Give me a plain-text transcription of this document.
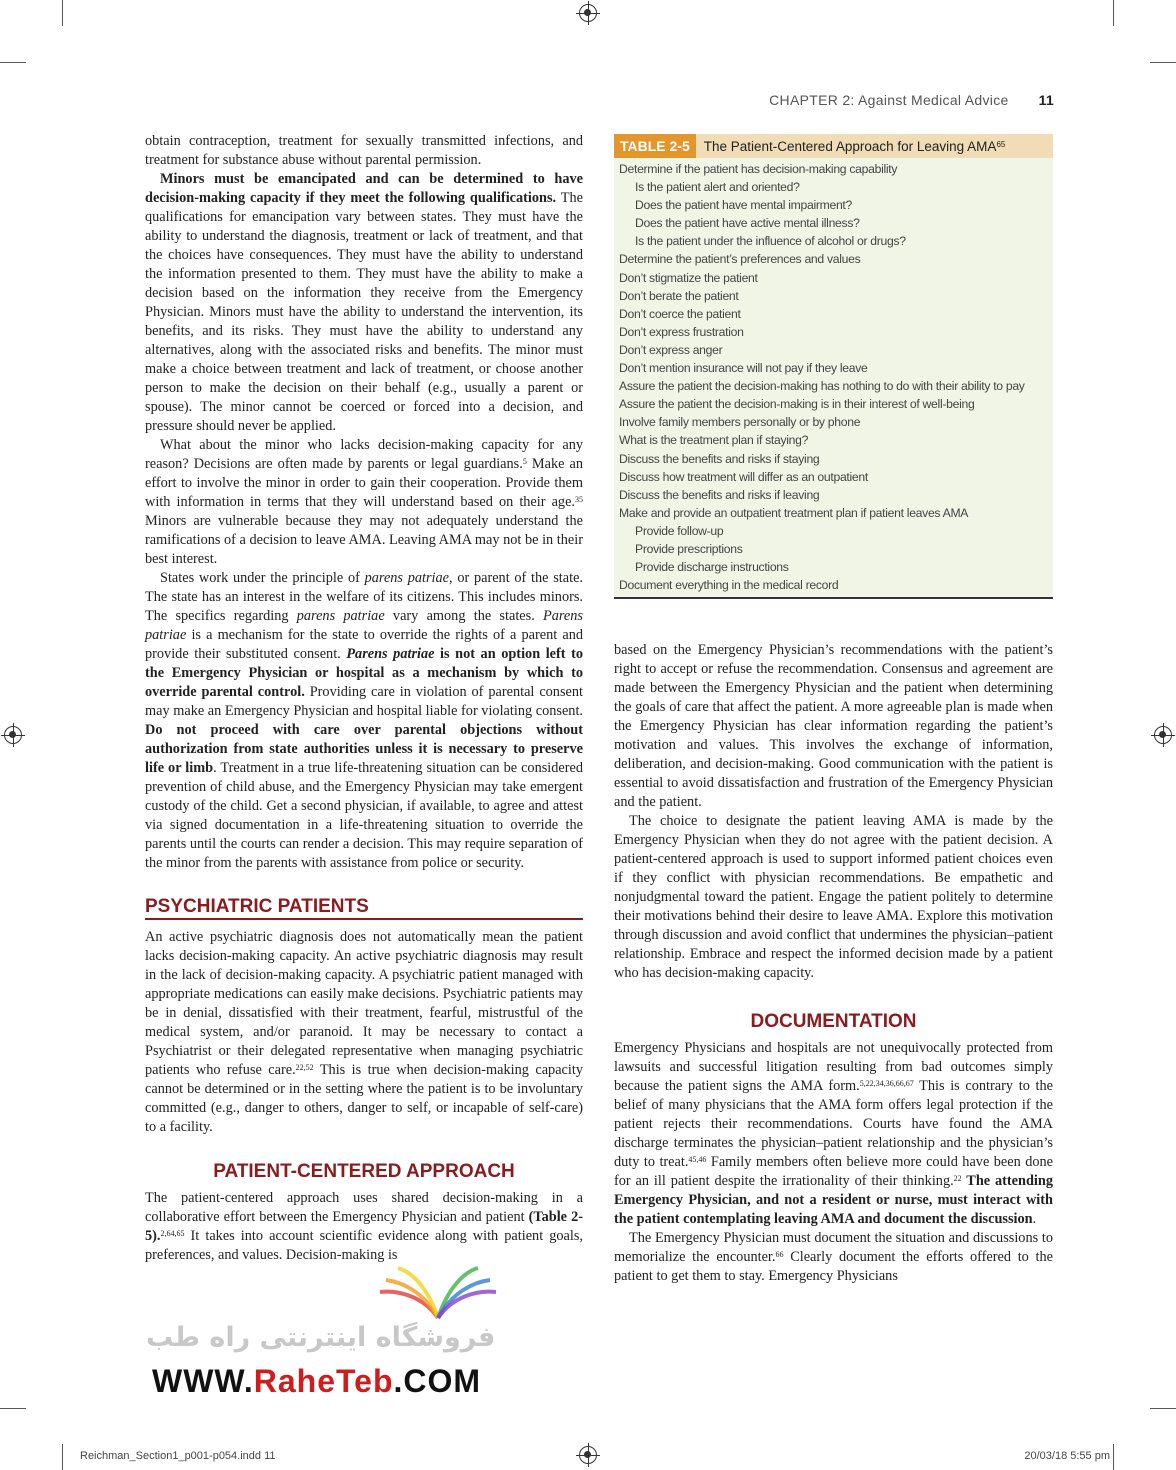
CHAPTER 2: Against Medical Advice 11

obtain contraception, treatment for sexually transmitted infections, and treatment for substance abuse without parental permission.

Minors must be emancipated and can be determined to have decision-making capacity if they meet the following qualifications. The qualifications for emancipation vary between states. They must have the ability to understand the diagnosis, treatment or lack of treatment, and that the choices have consequences. They must have the ability to understand the information presented to them. They must have the ability to make a decision based on the information they receive from the Emergency Physician. Minors must have the ability to understand the intervention, its benefits, and its risks. They must have the ability to understand any alternatives, along with the associated risks and benefits. The minor must make a choice between treatment and lack of treatment, or choose another person to make the decision on their behalf (e.g., usually a parent or spouse). The minor cannot be coerced or forced into a decision, and pressure should never be applied.

What about the minor who lacks decision-making capacity for any reason? Decisions are often made by parents or legal guardians.$^5$ Make an effort to involve the minor in order to gain their cooperation. Provide them with information in terms that they will understand based on their age.$^{35}$ Minors are vulnerable because they may not adequately understand the ramifications of a decision to leave AMA. Leaving AMA may not be in their best interest.

States work under the principle of parens patriae, or parent of the state. The state has an interest in the welfare of its citizens. This includes minors. The specifics regarding parens patriae vary among the states. Parens patriae is a mechanism for the state to override the rights of a parent and provide their substituted consent. Parens patriae is not an option left to the Emergency Physician or hospital as a mechanism by which to override parental control. Providing care in violation of parental consent may make an Emergency Physician and hospital liable for violating consent. Do not proceed with care over parental objections without authorization from state authorities unless it is necessary to preserve life or limb. Treatment in a true life-threatening situation can be considered prevention of child abuse, and the Emergency Physician may take emergent custody of the child. Get a second physician, if available, to agree and attest via signed documentation in a life-threatening situation to override the parents until the courts can render a decision. This may require separation of the minor from the parents with assistance from police or security.

PSYCHIATRIC PATIENTS

An active psychiatric diagnosis does not automatically mean the patient lacks decision-making capacity. An active psychiatric diagnosis may result in the lack of decision-making capacity. A psychiatric patient managed with appropriate medications can easily make decisions. Psychiatric patients may be in denial, dissatisfied with their treatment, fearful, mistrustful of the medical system, and/or paranoid. It may be necessary to contact a Psychiatrist or their delegated representative when managing psychiatric patients who refuse care.$^{22,52}$ This is true when decision-making capacity cannot be determined or in the setting where the patient is to be involuntary committed (e.g., danger to others, danger to self, or incapable of self-care) to a facility.

PATIENT-CENTERED APPROACH

The patient-centered approach uses shared decision-making in a collaborative effort between the Emergency Physician and patient (Table 2-5).$^{2,64,65}$ It takes into account scientific evidence along with patient goals, preferences, and values. Decision-making is

TABLE 2-5	The Patient-Centered Approach for Leaving AMA$^{65}$
Determine if the patient has decision-making capability
Is the patient alert and oriented?
Does the patient have mental impairment?
Does the patient have active mental illness?
Is the patient under the influence of alcohol or drugs?
Determine the patient’s preferences and values
Don’t stigmatize the patient
Don’t berate the patient
Don’t coerce the patient
Don’t express frustration
Don’t express anger
Don’t mention insurance will not pay if they leave
Assure the patient the decision-making has nothing to do with their ability to pay
Assure the patient the decision-making is in their interest of well-being
Involve family members personally or by phone
What is the treatment plan if staying?
Discuss the benefits and risks if staying
Discuss how treatment will differ as an outpatient
Discuss the benefits and risks if leaving
Make and provide an outpatient treatment plan if patient leaves AMA
Provide follow-up
Provide prescriptions
Provide discharge instructions
Document everything in the medical record

based on the Emergency Physician’s recommendations with the patient’s right to accept or refuse the recommendation. Consensus and agreement are made between the Emergency Physician and the patient when determining the goals of care that affect the patient. A more agreeable plan is made when the Emergency Physician has clear information regarding the patient’s motivation and values. This involves the exchange of information, deliberation, and decision-making. Good communication with the patient is essential to avoid dissatisfaction and frustration of the Emergency Physician and the patient.

The choice to designate the patient leaving AMA is made by the Emergency Physician when they do not agree with the patient decision. A patient-centered approach is used to support informed patient choices even if they conflict with physician recommendations. Be empathetic and nonjudgmental toward the patient. Engage the patient politely to determine their motivations behind their desire to leave AMA. Explore this motivation through discussion and avoid conflict that undermines the physician–patient relationship. Embrace and respect the informed decision made by a patient who has decision-making capacity.

DOCUMENTATION

Emergency Physicians and hospitals are not unequivocally protected from lawsuits and successful litigation resulting from bad outcomes simply because the patient signs the AMA form.$^{5,22,34,36,66,67}$ This is contrary to the belief of many physicians that the AMA form offers legal protection if the patient rejects their recommendations. Courts have found the AMA discharge terminates the physician–patient relationship and the physician’s duty to treat.$^{45,46}$ Family members often believe more could have been done for an ill patient despite the irrationality of their thinking.$^{22}$ The attending Emergency Physician, and not a resident or nurse, must interact with the patient contemplating leaving AMA and document the discussion.

The Emergency Physician must document the situation and discussions to memorialize the encounter.$^{66}$ Clearly document the efforts offered to the patient to get them to stay. Emergency Physicians

فروشگاه اینترنتی راه طب
WWW.RaheTeb.COM
Reichman_Section1_p001-p054.indd 11	20/03/18 5:55 pm
